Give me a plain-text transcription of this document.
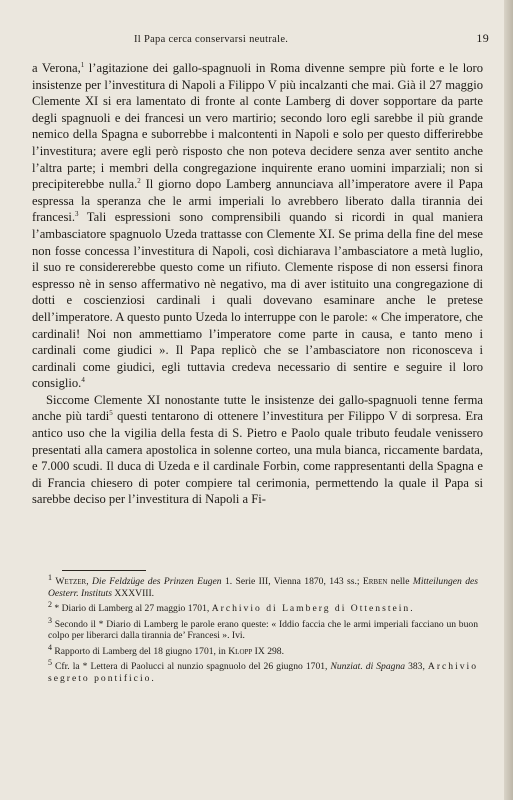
Il Papa cerca conservarsi neutrale.	19

a Verona,$^1$ l’agitazione dei gallo-spagnuoli in Roma divenne sempre più forte e le loro insistenze per l’investitura di Napoli a Filippo V più incalzanti che mai. Già il 27 maggio Clemente XI si era lamentato di fronte al conte Lamberg di dover sopportare da parte degli spagnuoli e dei francesi un vero martirio; secondo loro egli sarebbe il più grande nemico della Spagna e suborrebbe i malcontenti in Napoli e solo per questo differirebbe l’investitura; avere egli però risposto che non poteva decidere senza aver sentito anche l’altra parte; i membri della congregazione inquirente erano uomini imparziali; non si precipiterebbe nulla.$^2$ Il giorno dopo Lamberg annunciava all’imperatore avere il Papa espressa la speranza che le armi imperiali lo avrebbero liberato dalla tirannia dei francesi.$^3$ Tali espressioni sono comprensibili quando si ricordi in qual maniera l’ambasciatore spagnuolo Uzeda trattasse con Clemente XI. Se prima della fine del mese non fosse concessa l’investitura di Napoli, così dichiarava l’ambasciatore a metà luglio, il suo re considererebbe questo come un rifiuto. Clemente rispose di non essersi finora espresso nè in senso affermativo nè negativo, ma di aver istituito una congregazione di dotti e coscienziosi cardinali i quali dovevano esaminare anche le pretese dell’imperatore. A questo punto Uzeda lo interruppe con le parole: « Che imperatore, che cardinali! Noi non ammettiamo l’imperatore come parte in causa, e tanto meno i cardinali come giudici ». Il Papa replicò che se l’ambasciatore non riconosceva i cardinali come giudici, egli tuttavia credeva necessario di sentire e seguire il loro consiglio.$^4$

Siccome Clemente XI nonostante tutte le insistenze dei gallo-spagnuoli tenne ferma anche più tardi$^5$ questi tentarono di ottenere l’investitura per Filippo V di sorpresa. Era antico uso che la vigilia della festa di S. Pietro e Paolo quale tributo feudale venissero presentati alla camera apostolica in solenne corteo, una mula bianca, riccamente bardata, e 7.000 scudi. Il duca di Uzeda e il cardinale Forbin, come rappresentanti della Spagna e di Francia chiesero di poter compiere tal cerimonia, permettendo la quale il Papa si sarebbe deciso per l’investitura di Napoli a Fi-

$^1$ Wetzer, Die Feldzüge des Prinzen Eugen 1. Serie III, Vienna 1870, 143 ss.; Erben nelle Mitteilungen des Oesterr. Instituts XXXVIII.
$^2$ * Diario di Lamberg al 27 maggio 1701, Archivio di Lamberg di Ottenstein.
$^3$ Secondo il * Diario di Lamberg le parole erano queste: « Iddio faccia che le armi imperiali facciano un buon colpo per liberarci dalla tirannia de’ Francesi ». Ivi.
$^4$ Rapporto di Lamberg del 18 giugno 1701, in Klopp IX 298.
$^5$ Cfr. la * Lettera di Paolucci al nunzio spagnuolo del 26 giugno 1701, Nunziat. di Spagna 383, Archivio segreto pontificio.
